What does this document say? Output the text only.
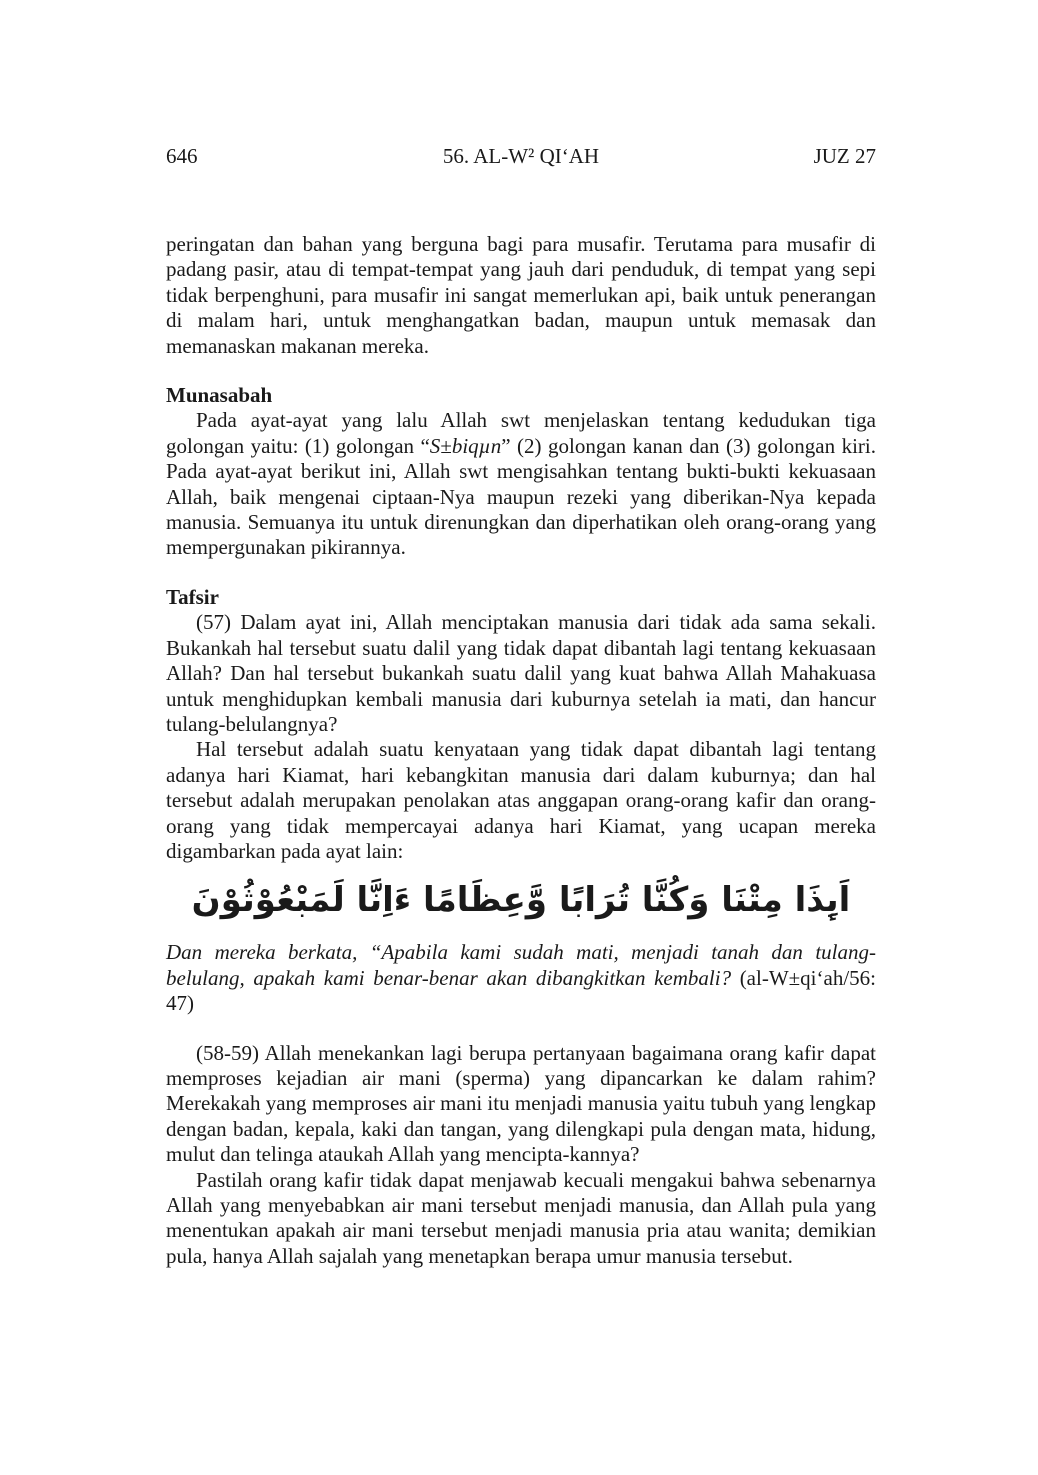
646	56. AL-W² QI‘AH	JUZ 27

peringatan dan bahan yang berguna bagi para musafir. Terutama para musafir di padang pasir, atau di tempat-tempat yang jauh dari penduduk, di tempat yang sepi tidak berpenghuni, para musafir ini sangat memerlukan api, baik untuk penerangan di malam hari, untuk menghangatkan badan, maupun untuk memasak dan memanaskan makanan mereka.

Munasabah

Pada ayat-ayat yang lalu Allah swt menjelaskan tentang kedudukan tiga golongan yaitu: (1) golongan “S±biqµn” (2) golongan kanan dan (3) golongan kiri. Pada ayat-ayat berikut ini, Allah swt mengisahkan tentang bukti-bukti kekuasaan Allah, baik mengenai ciptaan-Nya maupun rezeki yang diberikan-Nya kepada manusia. Semuanya itu untuk direnungkan dan diperhatikan oleh orang-orang yang mempergunakan pikirannya.

Tafsir

(57) Dalam ayat ini, Allah menciptakan manusia dari tidak ada sama sekali. Bukankah hal tersebut suatu dalil yang tidak dapat dibantah lagi tentang kekuasaan Allah? Dan hal tersebut bukankah suatu dalil yang kuat bahwa Allah Mahakuasa untuk menghidupkan kembali manusia dari kuburnya setelah ia mati, dan hancur tulang-belulangnya?

Hal tersebut adalah suatu kenyataan yang tidak dapat dibantah lagi tentang adanya hari Kiamat, hari kebangkitan manusia dari dalam kuburnya; dan hal tersebut adalah merupakan penolakan atas anggapan orang-orang kafir dan orang-orang yang tidak mempercayai adanya hari Kiamat, yang ucapan mereka digambarkan pada ayat lain:

اَىِٕذَا مِتْنَا وَكُنَّا تُرَابًا وَّعِظَامًا ءَاِنَّا لَمَبْعُوْثُوْنَ

Dan mereka berkata, “Apabila kami sudah mati, menjadi tanah dan tulang-belulang, apakah kami benar-benar akan dibangkitkan kembali? (al-W±qi‘ah/56: 47)

(58-59) Allah menekankan lagi berupa pertanyaan bagaimana orang kafir dapat memproses kejadian air mani (sperma) yang dipancarkan ke dalam rahim? Merekakah yang memproses air mani itu menjadi manusia yaitu tubuh yang lengkap dengan badan, kepala, kaki dan tangan, yang dilengkapi pula dengan mata, hidung, mulut dan telinga ataukah Allah yang mencipta-kannya?

Pastilah orang kafir tidak dapat menjawab kecuali mengakui bahwa sebenarnya Allah yang menyebabkan air mani tersebut menjadi manusia, dan Allah pula yang menentukan apakah air mani tersebut menjadi manusia pria atau wanita; demikian pula, hanya Allah sajalah yang menetapkan berapa umur manusia tersebut.
